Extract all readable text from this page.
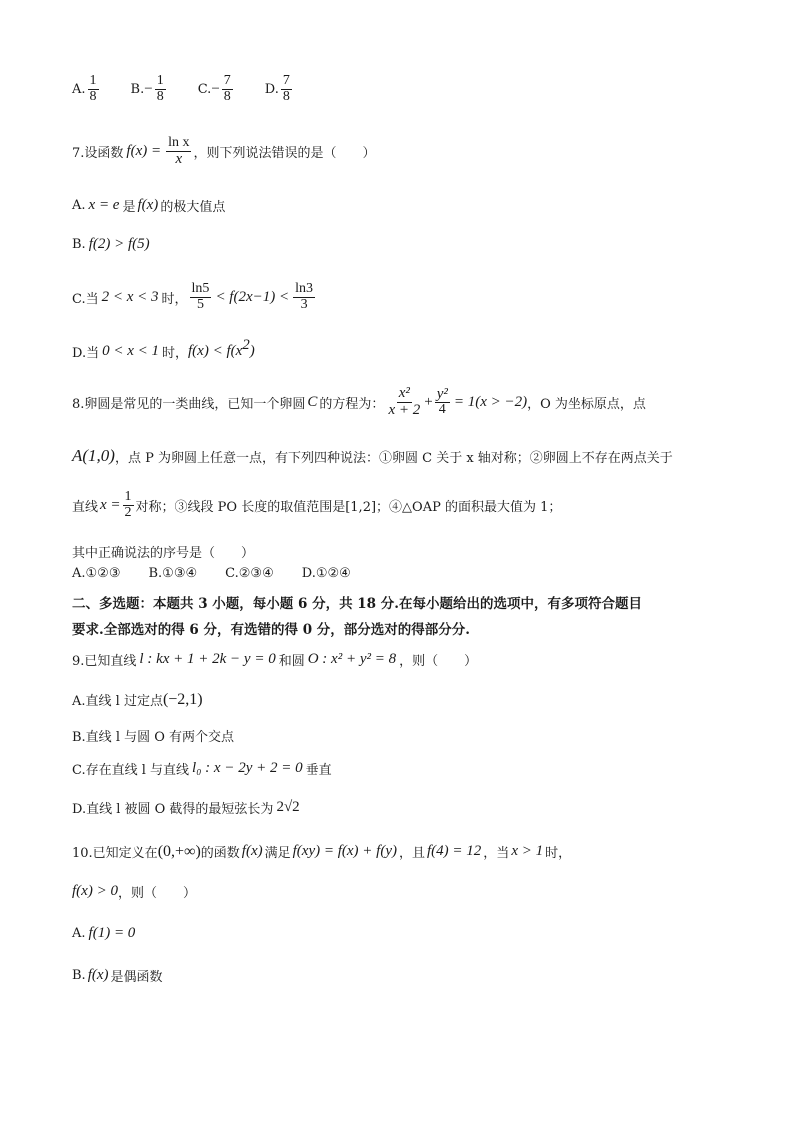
A. $\frac{1}{8} B$. − $\frac{1}{8} C$. − $\frac{7}{8} D$. $\frac{7}{8}$
7.设函数 $f(x) = \frac{\text{ln x}}{x}$ ，则下列说法错误的是（　　）
A. x = e 是 f(x) 的极大值点
B. f(2) > f(5)
C.当 2 < x < 3 时， $\frac{\ln 5}{5} < f(2x-1) < \frac{\ln 3}{3}$
D.当 0 < x < 1 时， $f(x) < f(x^2$ )
8.卵圆是常见的一类曲线，已知一个卵圆 C 的方程为： $\frac{\text{x²}}{x + 2} + \frac{\text{y²}}{4} = 1(x > -2)$ ，O 为坐标原点，点
A(1,0) ，点 P 为卵圆上任意一点，有下列四种说法：①卵圆 C 关于 x 轴对称；②卵圆上不存在两点关于
直线 $x = \frac{1}{2}$ 对称；③线段 PO 长度的取值范围是[1,2]；④△OAP 的面积最大值为 1；
其中正确说法的序号是（　　）
A.①②③ B.①③④ C.②③④ D.①②④
二、多选题：本题共 3 小题，每小题 6 分，共 18 分.在每小题给出的选项中，有多项符合题目
要求.全部选对的得 6 分，有选错的得 0 分，部分选对的得部分分.
9.已知直线 l : kx + 1 + 2k − y = 0 和圆 O : x² + y² = 8 ，则（　　）
A.直线 l 过定点 (−2,1)
B.直线 l 与圆 O 有两个交点
C.存在直线 l 与直线 l₀ : x − 2y + 2 = 0 垂直
D.直线 l 被圆 O 截得的最短弦长为 2√2
10.已知定义在 (0,+∞) 的函数 f(x) 满足 f(xy) = f(x) + f(y) ，且 f(4) = 12 ，当 x > 1 时，
f(x) > 0 ，则（　　）
A. f(1) = 0
B. f(x) 是偶函数
